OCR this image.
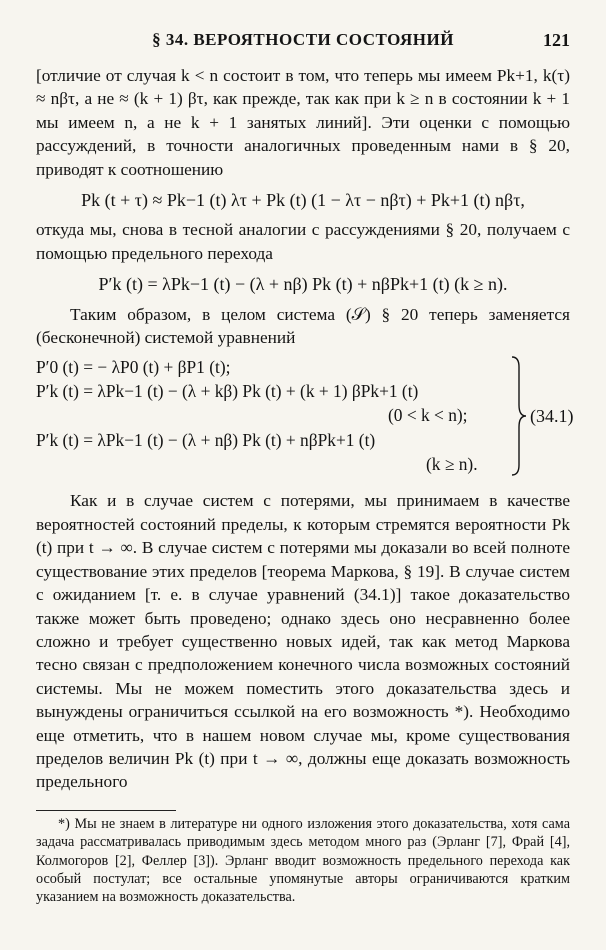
§ 34. ВЕРОЯТНОСТИ СОСТОЯНИЙ	121

[отличие от случая k < n состоит в том, что теперь мы имеем Pk+1, k(τ) ≈ nβτ, а не ≈ (k + 1) βτ, как прежде, так как при k ≥ n в состоянии k + 1 мы имеем n, а не k + 1 занятых линий]. Эти оценки с помощью рассуждений, в точности аналогичных проведенным нами в § 20, приводят к соотношению

Pk (t + τ) ≈ Pk−1 (t) λτ + Pk (t) (1 − λτ − nβτ) + Pk+1 (t) nβτ,

откуда мы, снова в тесной аналогии с рассуждениями § 20, получаем с помощью предельного перехода

P′k (t) = λPk−1 (t) − (λ + nβ) Pk (t) + nβPk+1 (t) (k ≥ n).

Таким образом, в целом система (𝒮) § 20 теперь заменяется (бесконечной) системой уравнений

P′0 (t) = − λP0 (t) + βP1 (t);
P′k (t) = λPk−1 (t) − (λ + kβ) Pk (t) + (k + 1) βPk+1 (t)
(0 < k < n);
P′k (t) = λPk−1 (t) − (λ + nβ) Pk (t) + nβPk+1 (t)
(k ≥ n).
(34.1)

Как и в случае систем с потерями, мы принимаем в качестве вероятностей состояний пределы, к которым стремятся вероятности Pk (t) при t → ∞. В случае систем с потерями мы доказали во всей полноте существование этих пределов [теорема Маркова, § 19]. В случае систем с ожиданием [т. е. в случае уравнений (34.1)] такое доказательство также может быть проведено; однако здесь оно несравненно более сложно и требует существенно новых идей, так как метод Маркова тесно связан с предположением конечного числа возможных состояний системы. Мы не можем поместить этого доказательства здесь и вынуждены ограничиться ссылкой на его возможность *). Необходимо еще отметить, что в нашем новом случае мы, кроме существования пределов величин Pk (t) при t → ∞, должны еще доказать возможность предельного

*) Мы не знаем в литературе ни одного изложения этого доказательства, хотя сама задача рассматривалась приводимым здесь методом много раз (Эрланг [7], Фрай [4], Колмогоров [2], Феллер [3]). Эрланг вводит возможность предельного перехода как особый постулат; все остальные упомянутые авторы ограничиваются кратким указанием на возможность доказательства.
